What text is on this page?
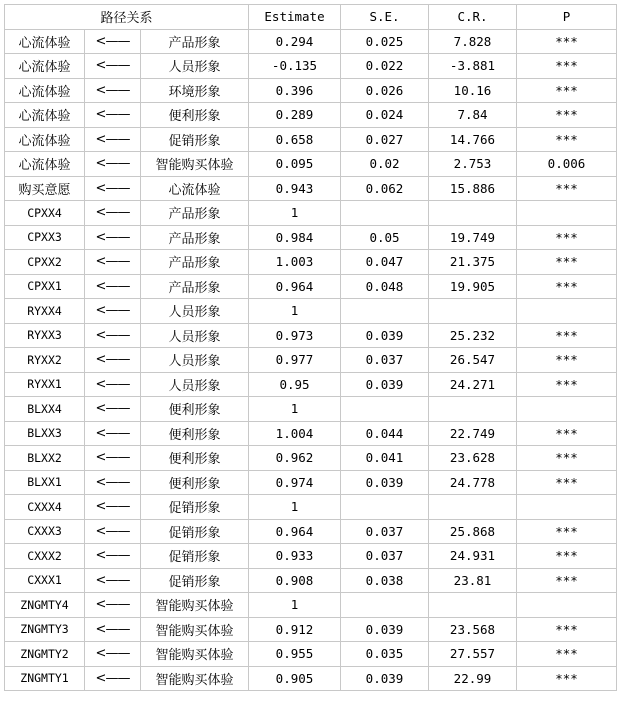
路径关系			Estimate	S.E.	C.R.	P
心流体验	<——	产品形象	0.294	0.025	7.828	***
心流体验	<——	人员形象	-0.135	0.022	-3.881	***
心流体验	<——	环境形象	0.396	0.026	10.16	***
心流体验	<——	便利形象	0.289	0.024	7.84	***
心流体验	<——	促销形象	0.658	0.027	14.766	***
心流体验	<——	智能购买体验	0.095	0.02	2.753	0.006
购买意愿	<——	心流体验	0.943	0.062	15.886	***
CPXX4	<——	产品形象	1			
CPXX3	<——	产品形象	0.984	0.05	19.749	***
CPXX2	<——	产品形象	1.003	0.047	21.375	***
CPXX1	<——	产品形象	0.964	0.048	19.905	***
RYXX4	<——	人员形象	1			
RYXX3	<——	人员形象	0.973	0.039	25.232	***
RYXX2	<——	人员形象	0.977	0.037	26.547	***
RYXX1	<——	人员形象	0.95	0.039	24.271	***
BLXX4	<——	便利形象	1			
BLXX3	<——	便利形象	1.004	0.044	22.749	***
BLXX2	<——	便利形象	0.962	0.041	23.628	***
BLXX1	<——	便利形象	0.974	0.039	24.778	***
CXXX4	<——	促销形象	1			
CXXX3	<——	促销形象	0.964	0.037	25.868	***
CXXX2	<——	促销形象	0.933	0.037	24.931	***
CXXX1	<——	促销形象	0.908	0.038	23.81	***
ZNGMTY4	<——	智能购买体验	1			
ZNGMTY3	<——	智能购买体验	0.912	0.039	23.568	***
ZNGMTY2	<——	智能购买体验	0.955	0.035	27.557	***
ZNGMTY1	<——	智能购买体验	0.905	0.039	22.99	***
